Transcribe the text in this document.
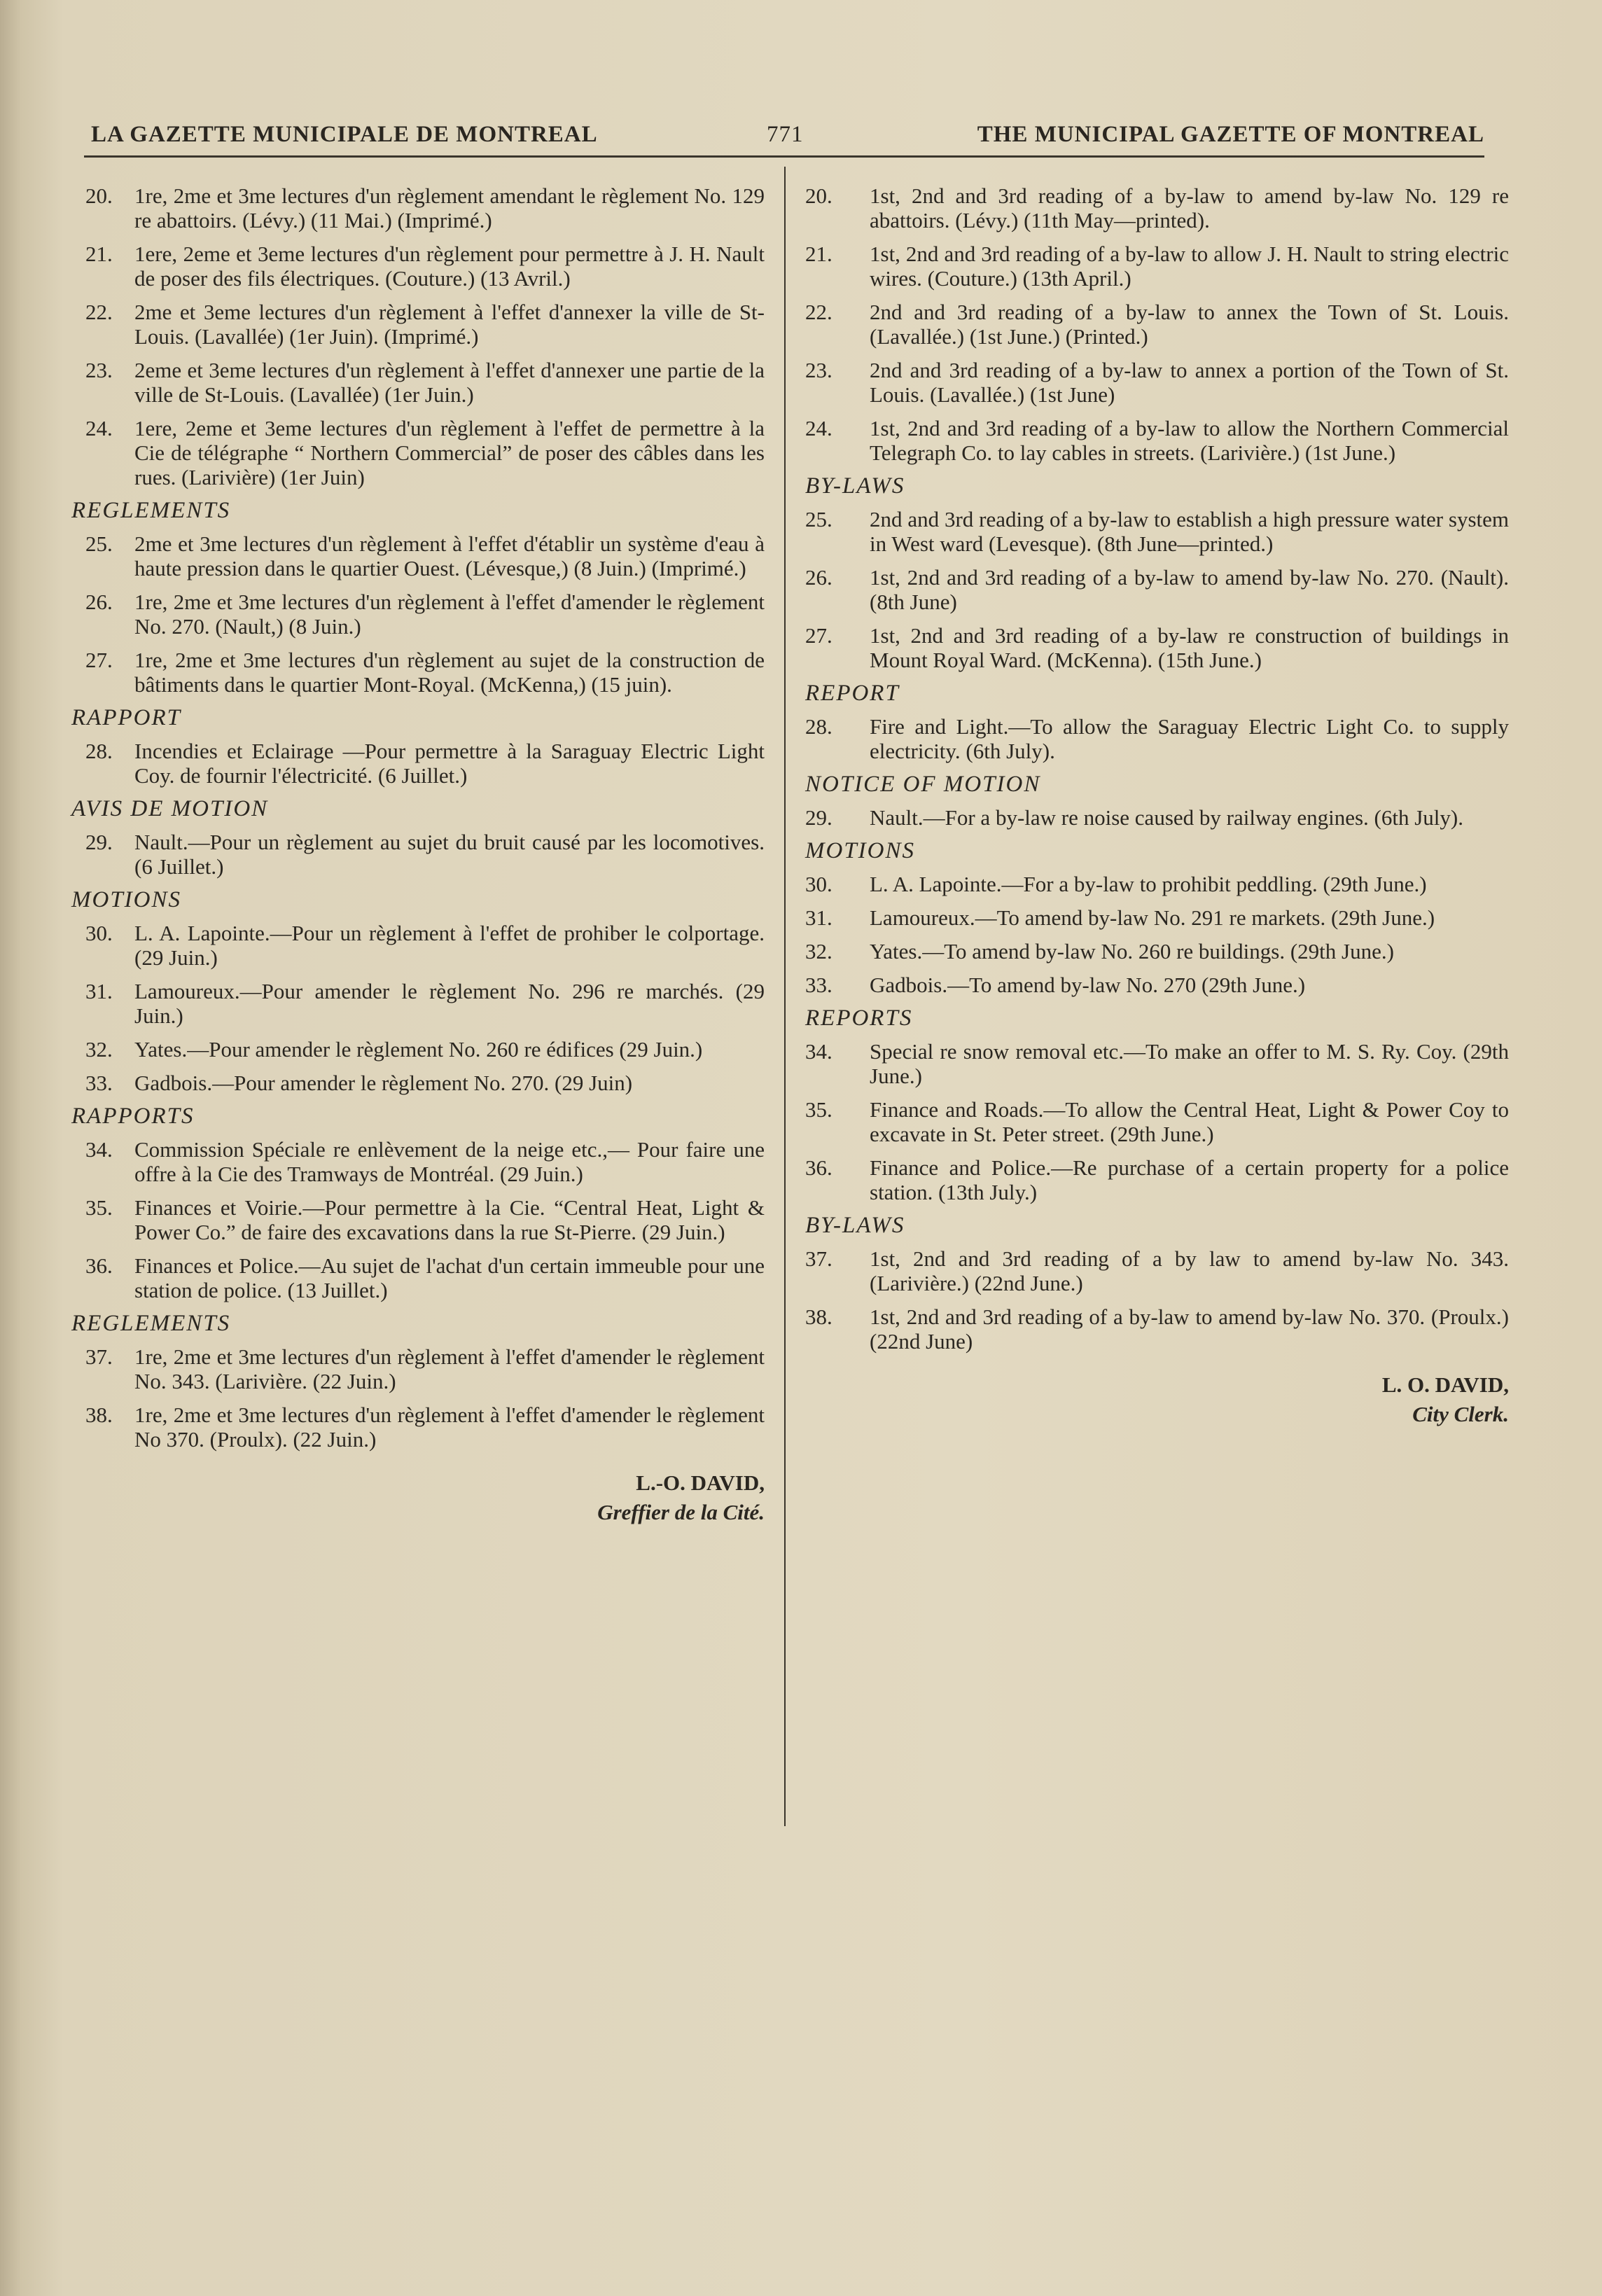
LA GAZETTE MUNICIPALE DE MONTREAL	771	THE MUNICIPAL GAZETTE OF MONTREAL
20.	1re, 2me et 3me lectures d'un règlement amendant le règlement No. 129 re abattoirs. (Lévy.) (11 Mai.) (Imprimé.)
21.	1ere, 2eme et 3eme lectures d'un règlement pour permettre à J. H. Nault de poser des fils électriques. (Couture.) (13 Avril.)
22.	2me et 3eme lectures d'un règlement à l'effet d'annexer la ville de St-Louis. (Lavallée) (1er Juin). (Imprimé.)
23.	2eme et 3eme lectures d'un règlement à l'effet d'annexer une partie de la ville de St-Louis. (Lavallée) (1er Juin.)
24.	1ere, 2eme et 3eme lectures d'un règlement à l'effet de permettre à la Cie de télégraphe “ Northern Commercial” de poser des câbles dans les rues. (Larivière) (1er Juin)
REGLEMENTS
25.	2me et 3me lectures d'un règlement à l'effet d'établir un système d'eau à haute pression dans le quartier Ouest. (Lévesque,) (8 Juin.) (Imprimé.)
26.	1re, 2me et 3me lectures d'un règlement à l'effet d'amender le règlement No. 270. (Nault,) (8 Juin.)
27.	1re, 2me et 3me lectures d'un règlement au sujet de la construction de bâtiments dans le quartier Mont-Royal. (McKenna,) (15 juin).
RAPPORT
28.	Incendies et Eclairage —Pour permettre à la Saraguay Electric Light Coy. de fournir l'électricité. (6 Juillet.)
AVIS DE MOTION
29.	Nault.—Pour un règlement au sujet du bruit causé par les locomotives. (6 Juillet.)
MOTIONS
30.	L. A. Lapointe.—Pour un règlement à l'effet de prohiber le colportage. (29 Juin.)
31.	Lamoureux.—Pour amender le règlement No. 296 re marchés. (29 Juin.)
32.	Yates.—Pour amender le règlement No. 260 re édifices (29 Juin.)
33.	Gadbois.—Pour amender le règlement No. 270. (29 Juin)
RAPPORTS
34.	Commission Spéciale re enlèvement de la neige etc.,— Pour faire une offre à la Cie des Tramways de Montréal. (29 Juin.)
35.	Finances et Voirie.—Pour permettre à la Cie. “Central Heat, Light & Power Co.” de faire des excavations dans la rue St-Pierre. (29 Juin.)
36.	Finances et Police.—Au sujet de l'achat d'un certain immeuble pour une station de police. (13 Juillet.)
REGLEMENTS
37.	1re, 2me et 3me lectures d'un règlement à l'effet d'amender le règlement No. 343. (Larivière. (22 Juin.)
38.	1re, 2me et 3me lectures d'un règlement à l'effet d'amender le règlement No 370. (Proulx). (22 Juin.)
L.-O. DAVID,
Greffier de la Cité.
20.	1st, 2nd and 3rd reading of a by-law to amend by-law No. 129 re abattoirs. (Lévy.) (11th May—printed).
21.	1st, 2nd and 3rd reading of a by-law to allow J. H. Nault to string electric wires. (Couture.) (13th April.)
22.	2nd and 3rd reading of a by-law to annex the Town of St. Louis. (Lavallée.) (1st June.) (Printed.)
23.	2nd and 3rd reading of a by-law to annex a portion of the Town of St. Louis. (Lavallée.) (1st June)
24.	1st, 2nd and 3rd reading of a by-law to allow the Northern Commercial Telegraph Co. to lay cables in streets. (Larivière.) (1st June.)
BY-LAWS
25.	2nd and 3rd reading of a by-law to establish a high pressure water system in West ward (Levesque). (8th June—printed.)
26.	1st, 2nd and 3rd reading of a by-law to amend by-law No. 270. (Nault). (8th June)
27.	1st, 2nd and 3rd reading of a by-law re construction of buildings in Mount Royal Ward. (McKenna). (15th June.)
REPORT
28.	Fire and Light.—To allow the Saraguay Electric Light Co. to supply electricity. (6th July).
NOTICE OF MOTION
29.	Nault.—For a by-law re noise caused by railway engines. (6th July).
MOTIONS
30.	L. A. Lapointe.—For a by-law to prohibit peddling. (29th June.)
31.	Lamoureux.—To amend by-law No. 291 re markets. (29th June.)
32.	Yates.—To amend by-law No. 260 re buildings. (29th June.)
33.	Gadbois.—To amend by-law No. 270 (29th June.)
REPORTS
34.	Special re snow removal etc.—To make an offer to M. S. Ry. Coy. (29th June.)
35.	Finance and Roads.—To allow the Central Heat, Light & Power Coy to excavate in St. Peter street. (29th June.)
36.	Finance and Police.—Re purchase of a certain property for a police station. (13th July.)
BY-LAWS
37.	1st, 2nd and 3rd reading of a by law to amend by-law No. 343. (Larivière.) (22nd June.)
38.	1st, 2nd and 3rd reading of a by-law to amend by-law No. 370. (Proulx.) (22nd June)
L. O. DAVID,
City Clerk.
